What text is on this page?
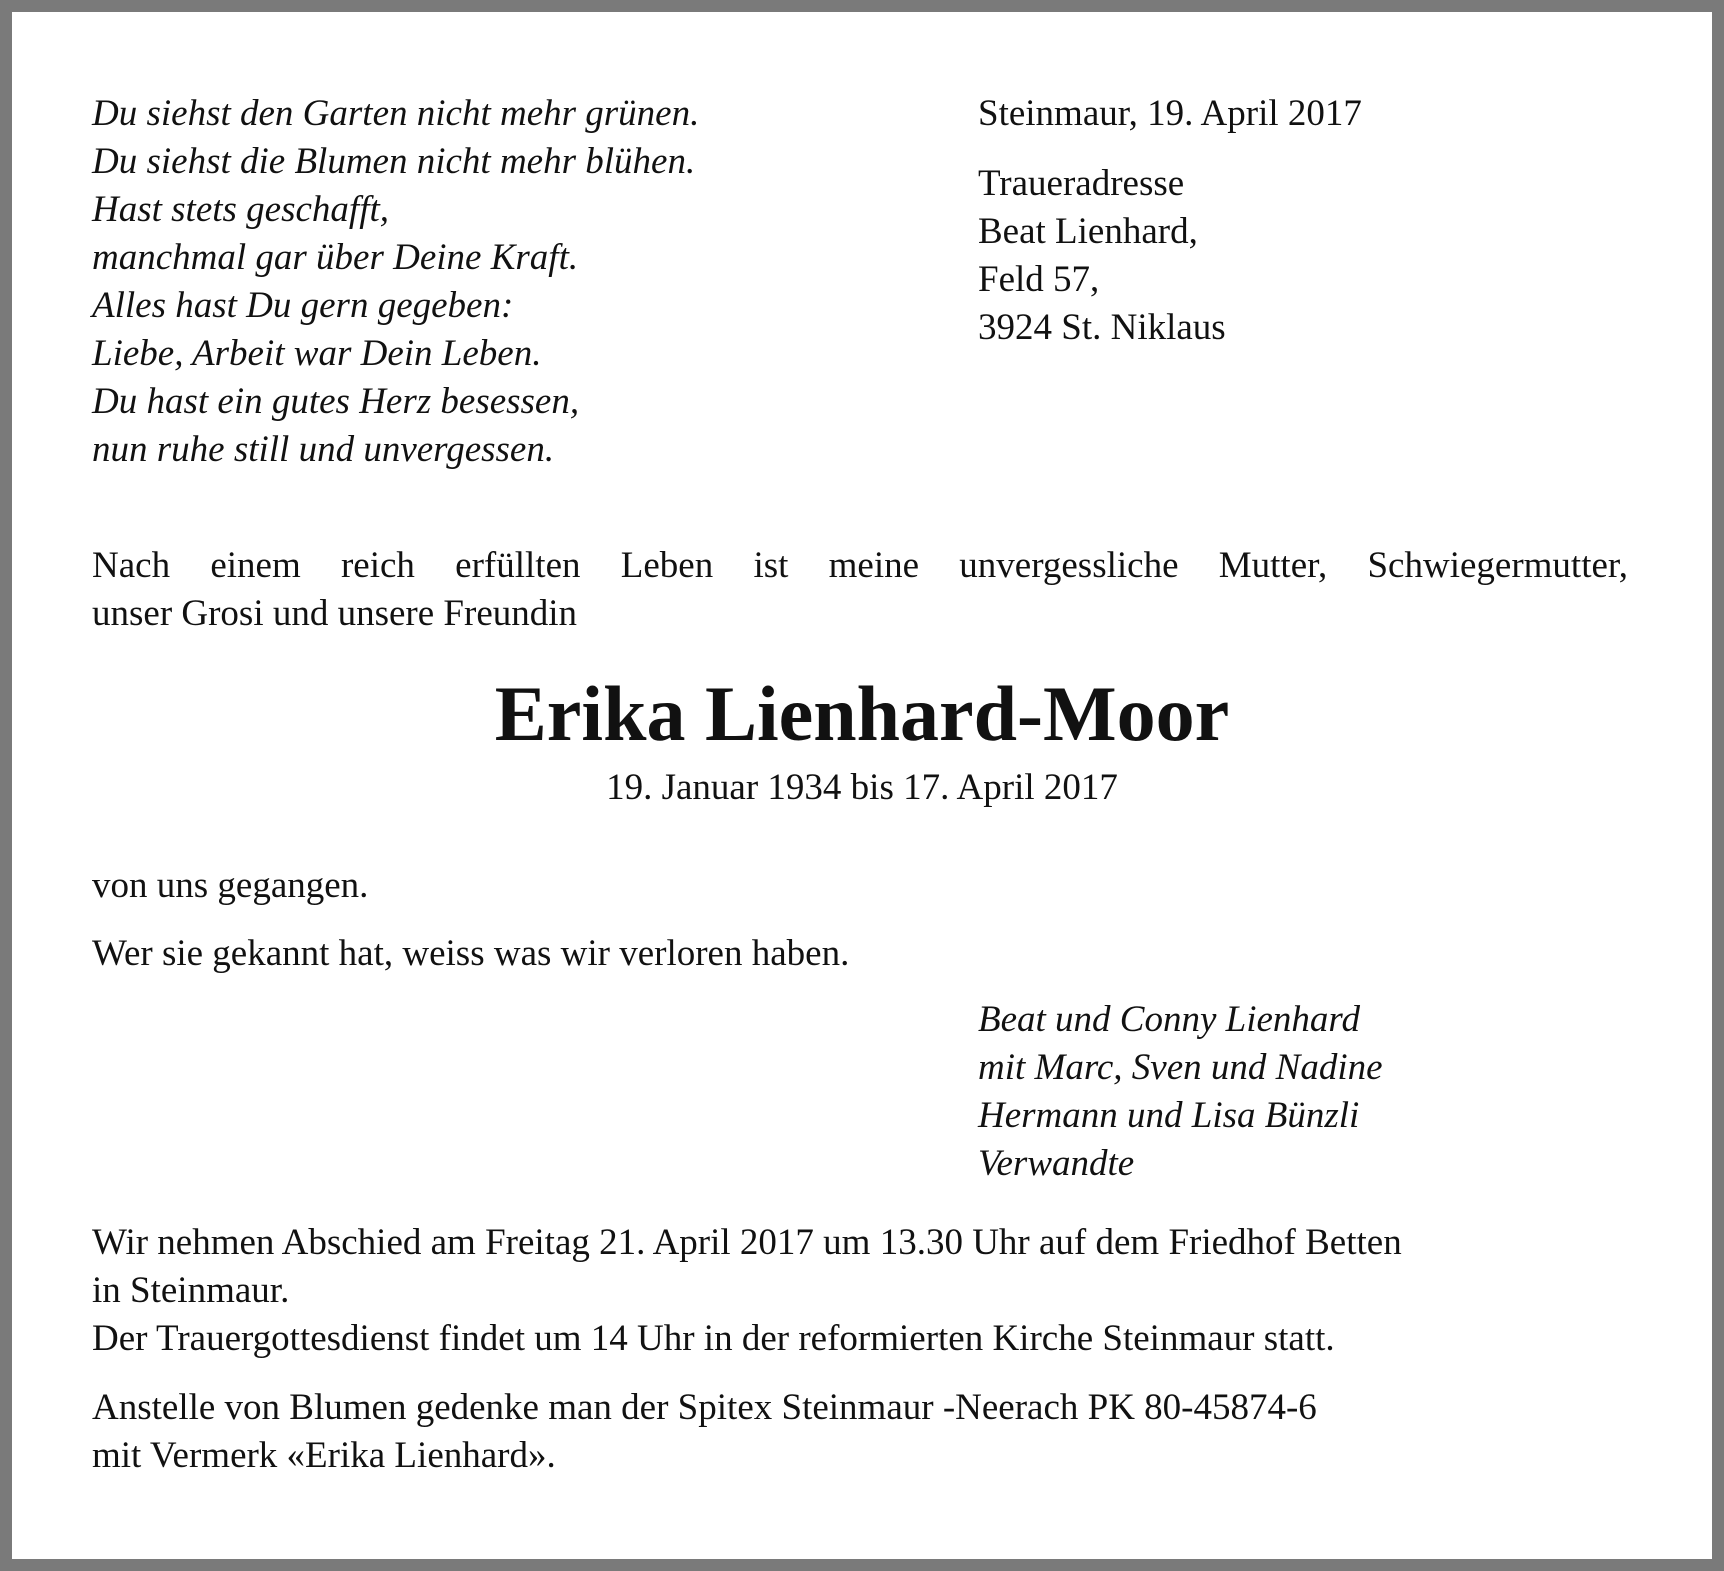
Du siehst den Garten nicht mehr grünen.
Du siehst die Blumen nicht mehr blühen.
Hast stets geschafft,
manchmal gar über Deine Kraft.
Alles hast Du gern gegeben:
Liebe, Arbeit war Dein Leben.
Du hast ein gutes Herz besessen,
nun ruhe still und unvergessen.
Steinmaur, 19. April 2017
Traueradresse
Beat Lienhard,
Feld 57,
3924 St. Niklaus
Nach einem reich erfüllten Leben ist meine unvergessliche Mutter, Schwiegermutter,
unser Grosi und unsere Freundin
Erika Lienhard-Moor
19. Januar 1934 bis 17. April 2017
von uns gegangen.
Wer sie gekannt hat, weiss was wir verloren haben.
Beat und Conny Lienhard
mit Marc, Sven und Nadine
Hermann und Lisa Bünzli
Verwandte
Wir nehmen Abschied am Freitag 21. April 2017 um 13.30 Uhr auf dem Friedhof Betten
in Steinmaur.
Der Trauergottesdienst findet um 14 Uhr in der reformierten Kirche Steinmaur statt.
Anstelle von Blumen gedenke man der Spitex Steinmaur -Neerach PK 80-45874-6
mit Vermerk «Erika Lienhard».
